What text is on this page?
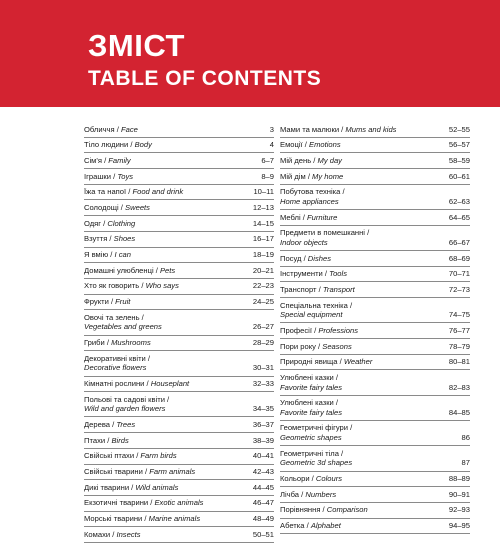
ЗМІСТ
TABLE OF CONTENTS
Обличчя / Face	3
Тіло людини / Body	4
Сім'я / Family	6–7
Іграшки / Toys	8–9
Їжа та напої / Food and drink	10–11
Солодощі / Sweets	12–13
Одяг / Clothing	14–15
Взуття / Shoes	16–17
Я вмію / I can	18–19
Домашні улюбленці / Pets	20–21
Хто як говорить / Who says	22–23
Фрукти / Fruit	24–25
Овочі та зелень /
Vegetables and greens	26–27
Гриби / Mushrooms	28–29
Декоративні квіти /
Decorative flowers	30–31
Кімнатні рослини / Houseplant	32–33
Польові та садові квіти /
Wild and garden flowers	34–35
Дерева / Trees	36–37
Птахи / Birds	38–39
Свійські птахи / Farm birds	40–41
Свійські тварини / Farm animals	42–43
Дикі тварини / Wild animals	44–45
Екзотичні тварини / Exotic animals	46–47
Морські тварини / Marine animals	48–49
Комахи / Insects	50–51
Мами та малюки / Mums and kids	52–55
Емоції / Emotions	56–57
Мій день / My day	58–59
Мій дім / My home	60–61
Побутова техніка /
Home appliances	62–63
Меблі / Furniture	64–65
Предмети в помешканні /
Indoor objects	66–67
Посуд / Dishes	68–69
Інструменти / Tools	70–71
Транспорт / Transport	72–73
Спеціальна техніка /
Special equipment	74–75
Професії / Professions	76–77
Пори року / Seasons	78–79
Природні явища / Weather	80–81
Улюблені казки /
Favorite fairy tales	82–83
Улюблені казки /
Favorite fairy tales	84–85
Геометричні фігури /
Geometric shapes	86
Геометричні тіла /
Geometric 3d shapes	87
Кольори / Colours	88–89
Лічба / Numbers	90–91
Порівняння / Comparison	92–93
Абетка / Alphabet	94–95
